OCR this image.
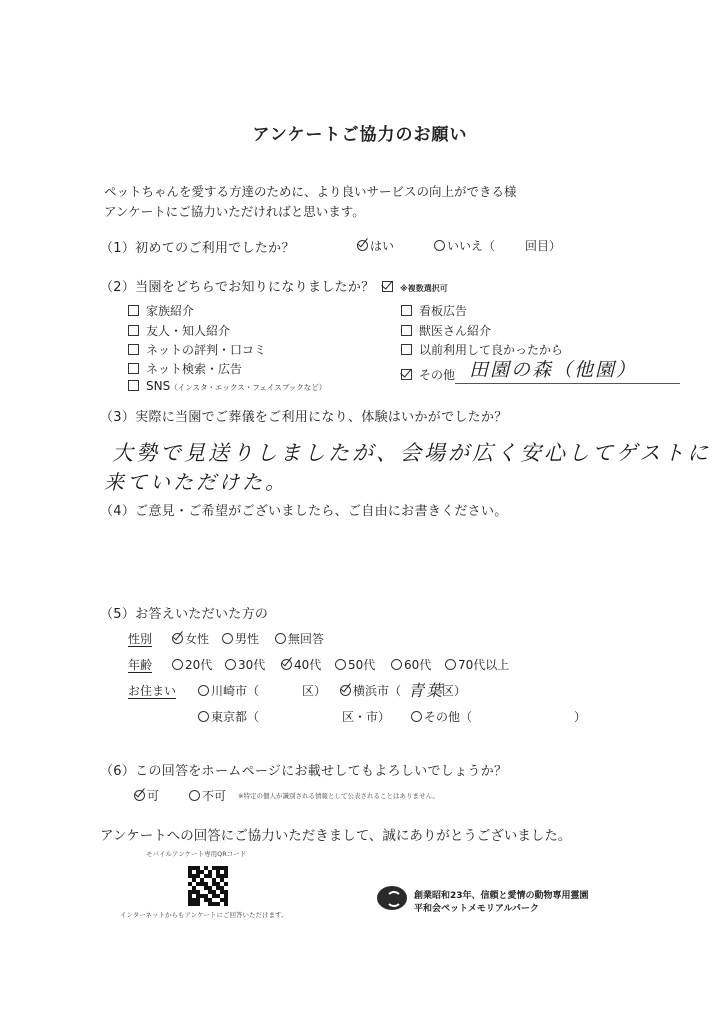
アンケートご協力のお願い
ペットちゃんを愛する方達のために、より良いサービスの向上ができる様
アンケートにご協力いただければと思います。
（1）初めてのご利用でしたか？	はい	いいえ（ 回目）
（2）当園をどちらでお知りになりましたか？	※複数選択可
家族紹介
友人・知人紹介
ネットの評判・口コミ
ネット検索・広告
SNS（インスタ・エックス・フェイスブックなど）
看板広告
獣医さん紹介
以前利用して良かったから
その他 田園の森（他園）
（3）実際に当園でご葬儀をご利用になり、体験はいかがでしたか？
大勢で見送りしましたが、会場が広く安心してゲストに
来ていただけた。
（4）ご意見・ご希望がございましたら、ご自由にお書きください。
（5）お答えいただいた方の
性別	女性	男性	無回答
年齢	20代	30代	40代	50代	60代	70代以上
お住まい	川崎市（	区）	横浜市（ 青葉
区）
東京都（	区・市）	その他（	）
（6）この回答をホームページにお載せしてもよろしいでしょうか？
可	不可 ※特定の個人が識別される情報として公表されることはありません。
アンケートへの回答にご協力いただきまして、誠にありがとうございました。
モバイルアンケート専用QRコード
インターネットからもアンケートにご回答いただけます。
創業昭和23年、信頼と愛情の動物専用霊園
平和会ペットメモリアルパーク
